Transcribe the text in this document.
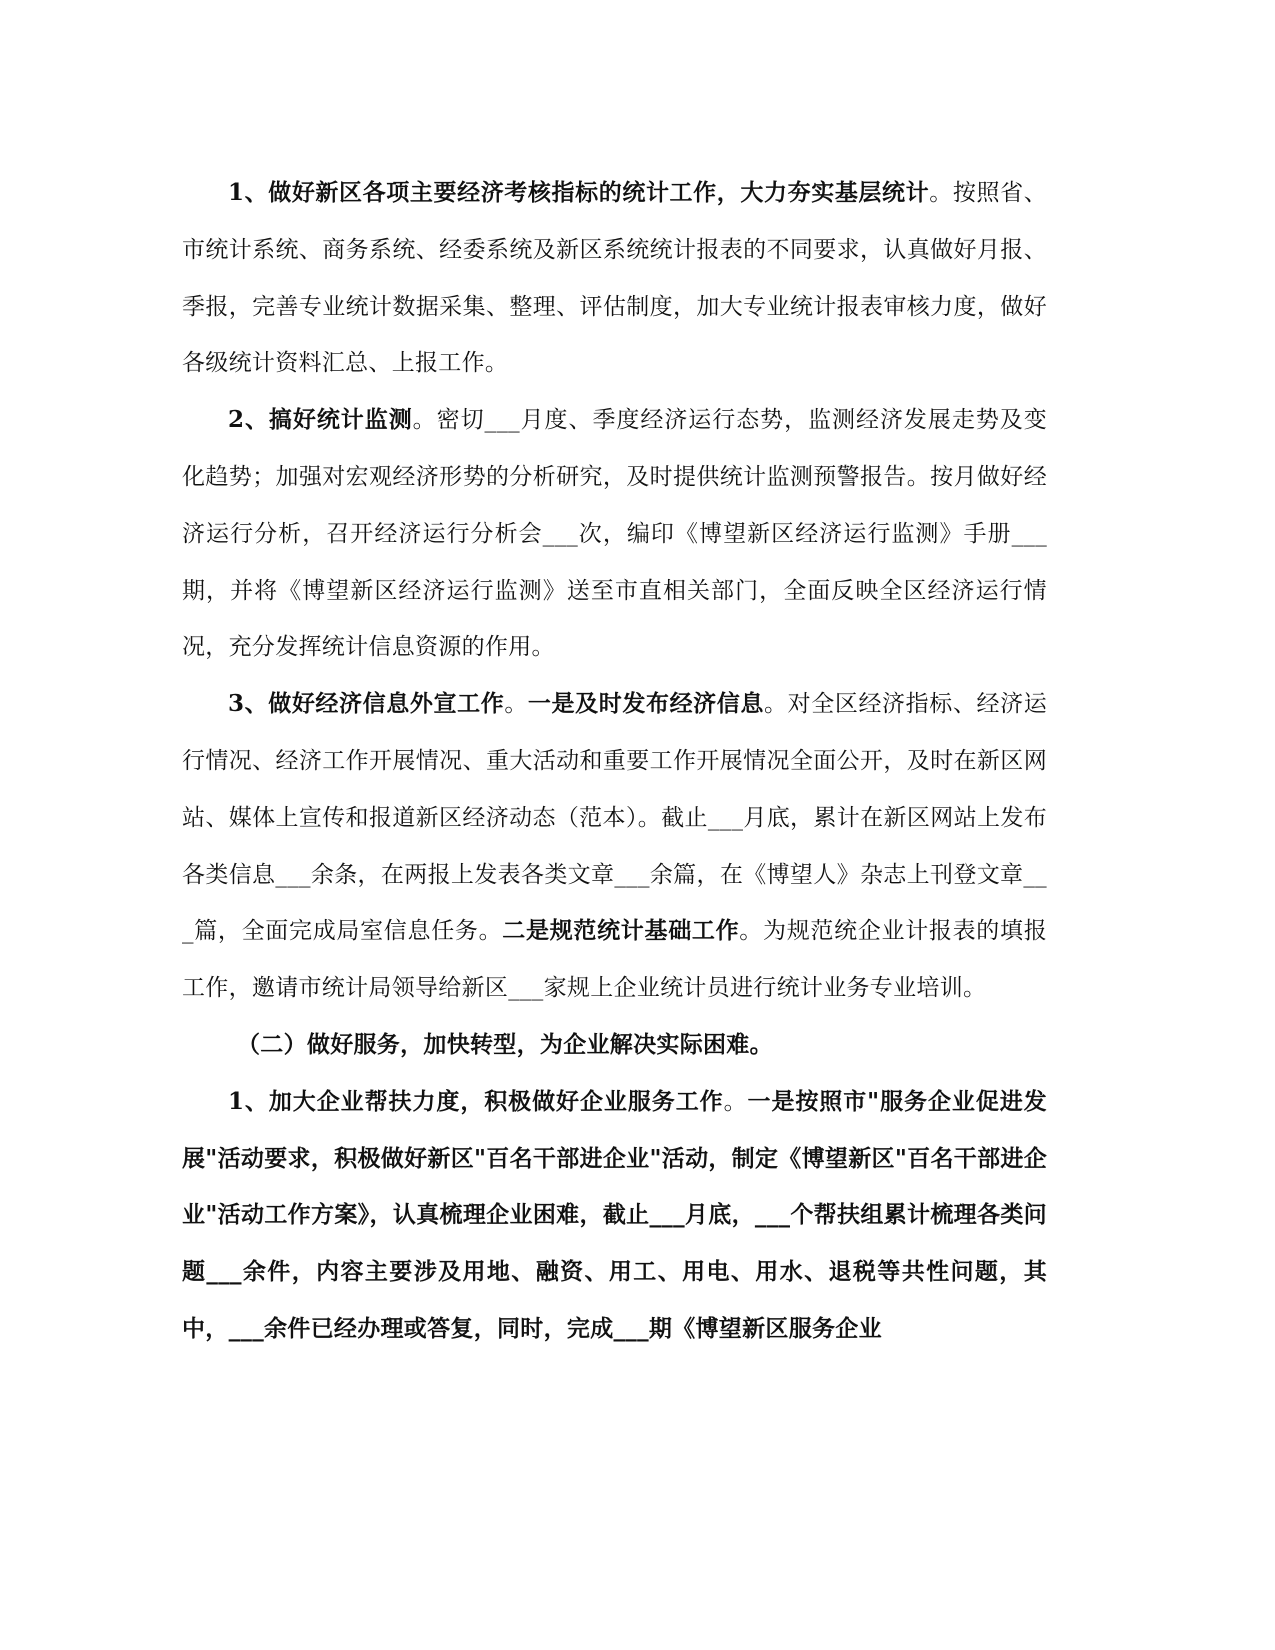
1、做好新区各项主要经济考核指标的统计工作，大力夯实基层统计。按照省、市统计系统、商务系统、经委系统及新区系统统计报表的不同要求，认真做好月报、季报，完善专业统计数据采集、整理、评估制度，加大专业统计报表审核力度，做好各级统计资料汇总、上报工作。

2、搞好统计监测。密切___月度、季度经济运行态势，监测经济发展走势及变化趋势；加强对宏观经济形势的分析研究，及时提供统计监测预警报告。按月做好经济运行分析，召开经济运行分析会___次，编印《博望新区经济运行监测》手册___期，并将《博望新区经济运行监测》送至市直相关部门，全面反映全区经济运行情况，充分发挥统计信息资源的作用。

3、做好经济信息外宣工作。一是及时发布经济信息。对全区经济指标、经济运行情况、经济工作开展情况、重大活动和重要工作开展情况全面公开，及时在新区网站、媒体上宣传和报道新区经济动态（范本）。截止___月底，累计在新区网站上发布各类信息___余条，在两报上发表各类文章___余篇，在《博望人》杂志上刊登文章___篇，全面完成局室信息任务。二是规范统计基础工作。为规范统企业计报表的填报工作，邀请市统计局领导给新区___家规上企业统计员进行统计业务专业培训。

（二）做好服务，加快转型，为企业解决实际困难。

1、加大企业帮扶力度，积极做好企业服务工作。一是按照市"服务企业促进发展"活动要求，积极做好新区"百名干部进企业"活动，制定《博望新区"百名干部进企业"活动工作方案》，认真梳理企业困难，截止___月底，___个帮扶组累计梳理各类问题___余件，内容主要涉及用地、融资、用工、用电、用水、退税等共性问题，其中，___余件已经办理或答复，同时，完成___期《博望新区服务企业
